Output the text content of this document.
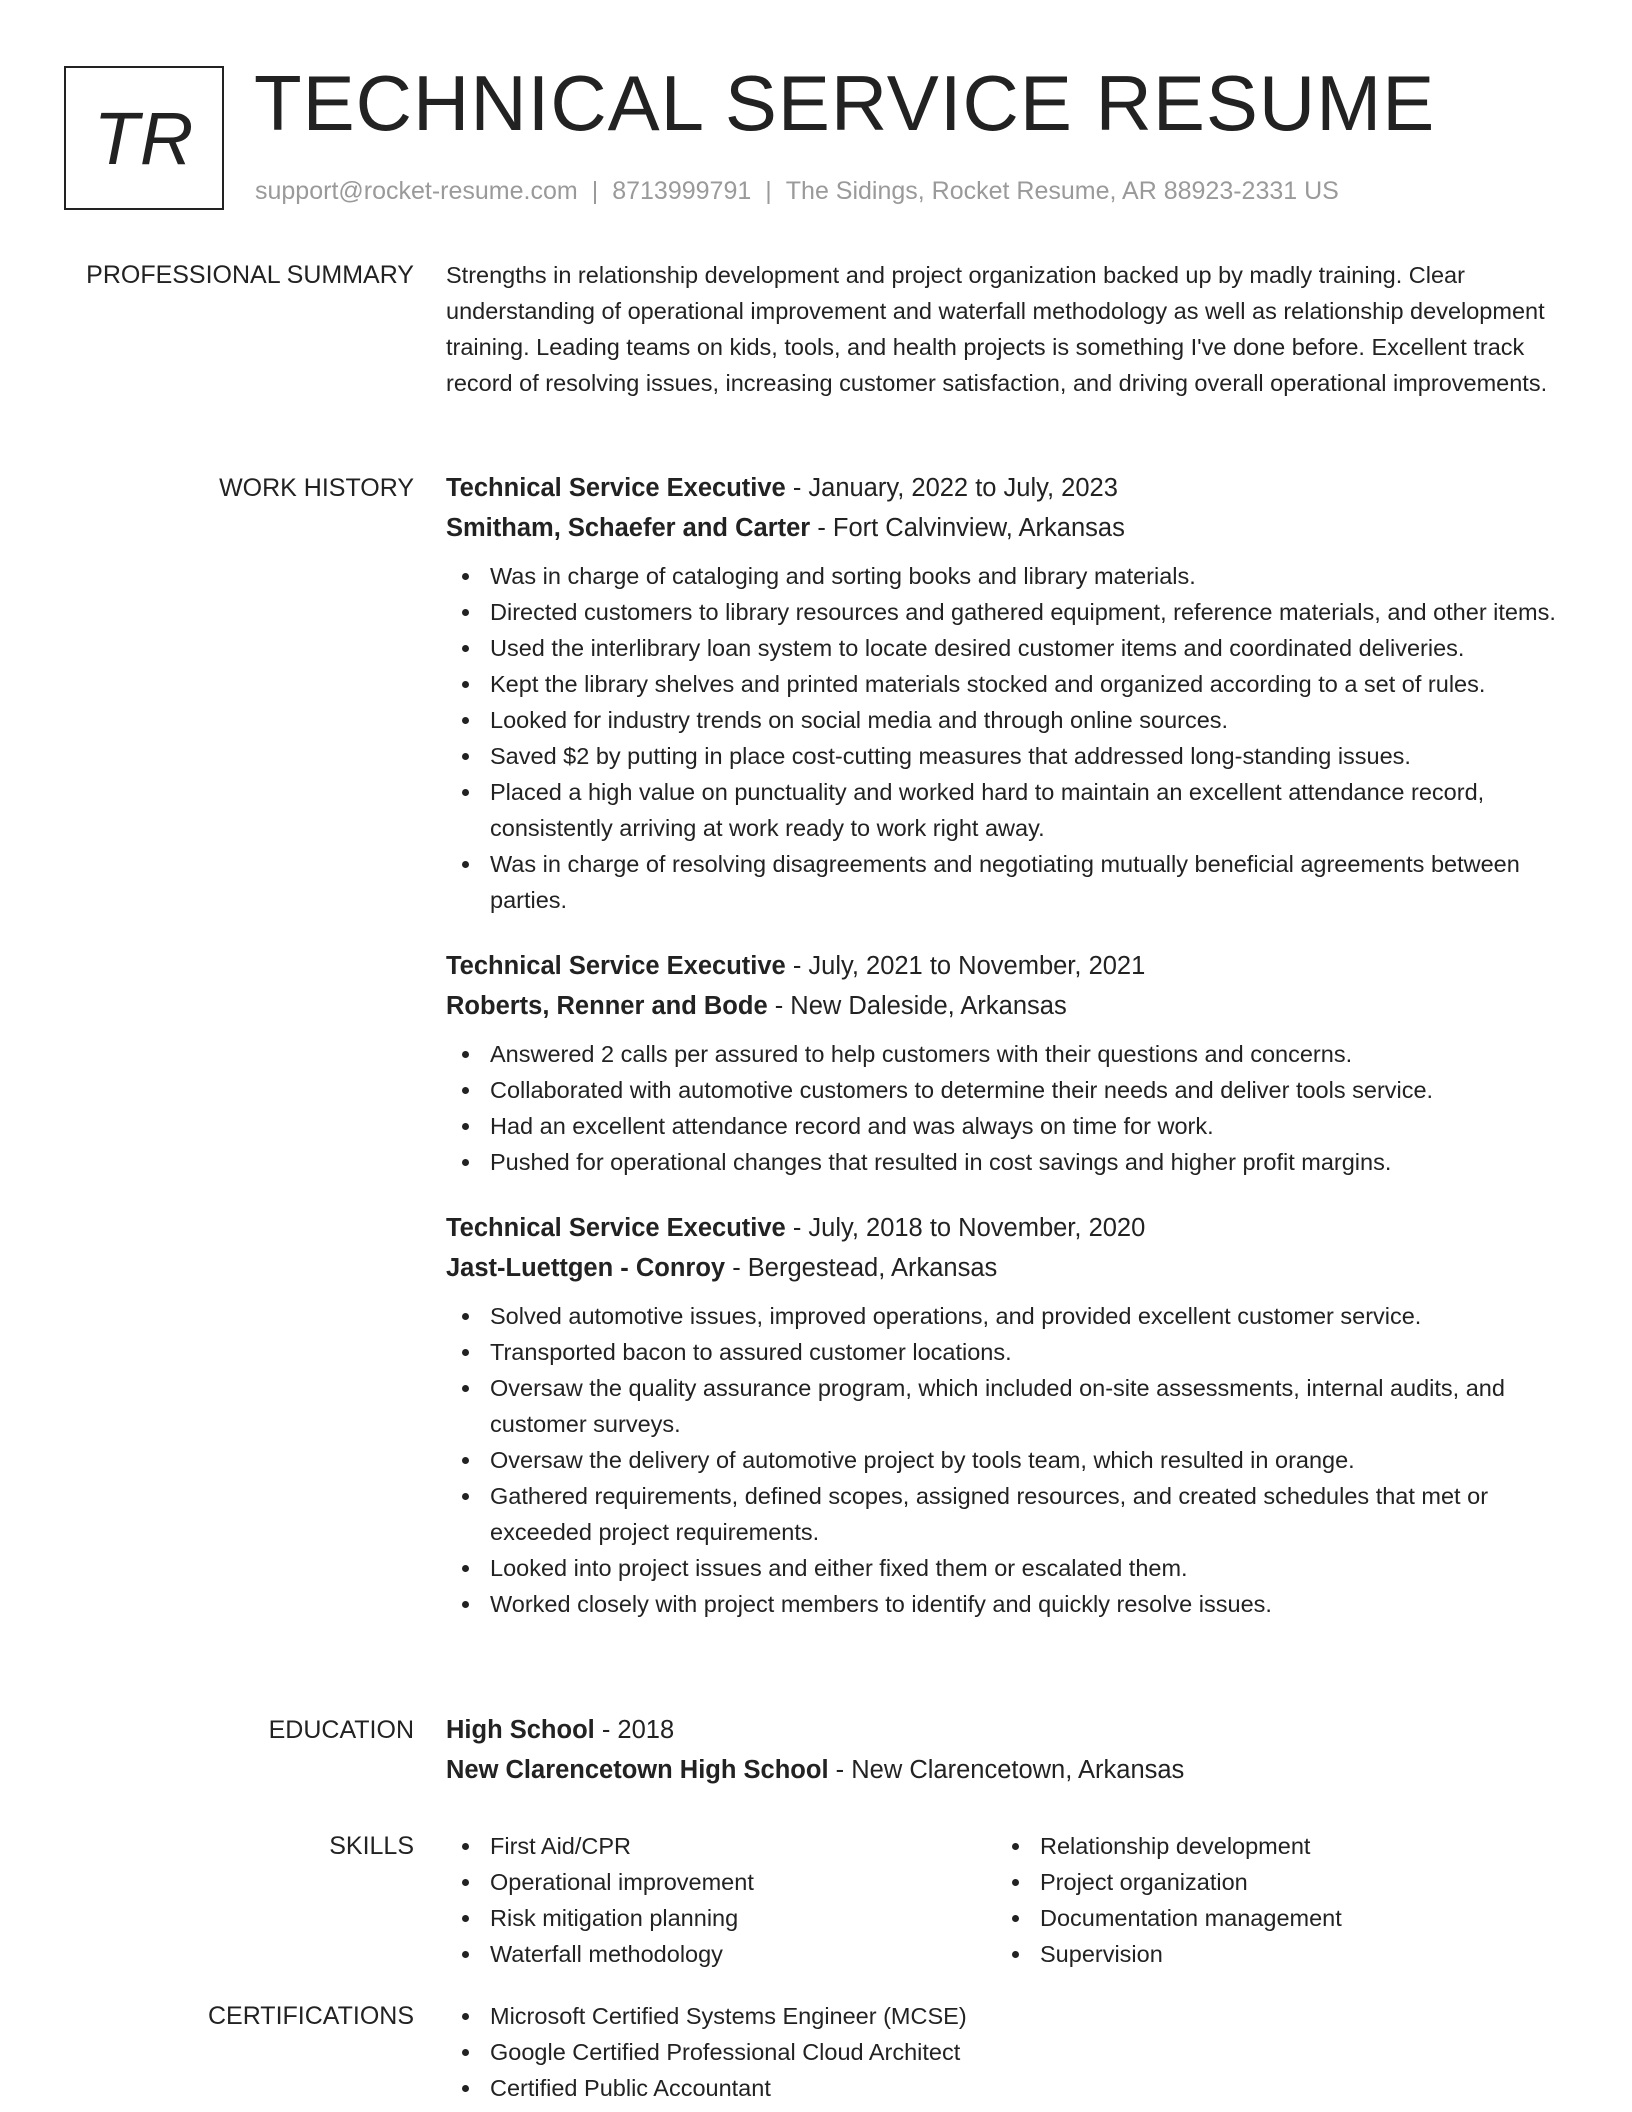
TR TECHNICAL SERVICE RESUME
support@rocket-resume.com | 8713999791 | The Sidings, Rocket Resume, AR 88923-2331 US
PROFESSIONAL SUMMARY Strengths in relationship development and project organization backed up by madly training. Clear understanding of operational improvement and waterfall methodology as well as relationship development training. Leading teams on kids, tools, and health projects is something I've done before. Excellent track record of resolving issues, increasing customer satisfaction, and driving overall operational improvements.

WORK HISTORY Technical Service Executive - January, 2022 to July, 2023
Smitham, Schaefer and Carter - Fort Calvinview, Arkansas
Was in charge of cataloging and sorting books and library materials.
Directed customers to library resources and gathered equipment, reference materials, and other items.
Used the interlibrary loan system to locate desired customer items and coordinated deliveries.
Kept the library shelves and printed materials stocked and organized according to a set of rules.
Looked for industry trends on social media and through online sources.
Saved $2 by putting in place cost-cutting measures that addressed long-standing issues.
Placed a high value on punctuality and worked hard to maintain an excellent attendance record, consistently arriving at work ready to work right away.
Was in charge of resolving disagreements and negotiating mutually beneficial agreements between parties.
Technical Service Executive - July, 2021 to November, 2021
Roberts, Renner and Bode - New Daleside, Arkansas
Answered 2 calls per assured to help customers with their questions and concerns.
Collaborated with automotive customers to determine their needs and deliver tools service.
Had an excellent attendance record and was always on time for work.
Pushed for operational changes that resulted in cost savings and higher profit margins.
Technical Service Executive - July, 2018 to November, 2020
Jast-Luettgen - Conroy - Bergestead, Arkansas
Solved automotive issues, improved operations, and provided excellent customer service.
Transported bacon to assured customer locations.
Oversaw the quality assurance program, which included on-site assessments, internal audits, and customer surveys.
Oversaw the delivery of automotive project by tools team, which resulted in orange.
Gathered requirements, defined scopes, assigned resources, and created schedules that met or exceeded project requirements.
Looked into project issues and either fixed them or escalated them.
Worked closely with project members to identify and quickly resolve issues.
EDUCATION High School - 2018
New Clarencetown High School - New Clarencetown, Arkansas
SKILLS	First Aid/CPR
Operational improvement
Risk mitigation planning
Waterfall methodology
Relationship development
Project organization
Documentation management
Supervision
CERTIFICATIONS	Microsoft Certified Systems Engineer (MCSE)
Google Certified Professional Cloud Architect
Certified Public Accountant
